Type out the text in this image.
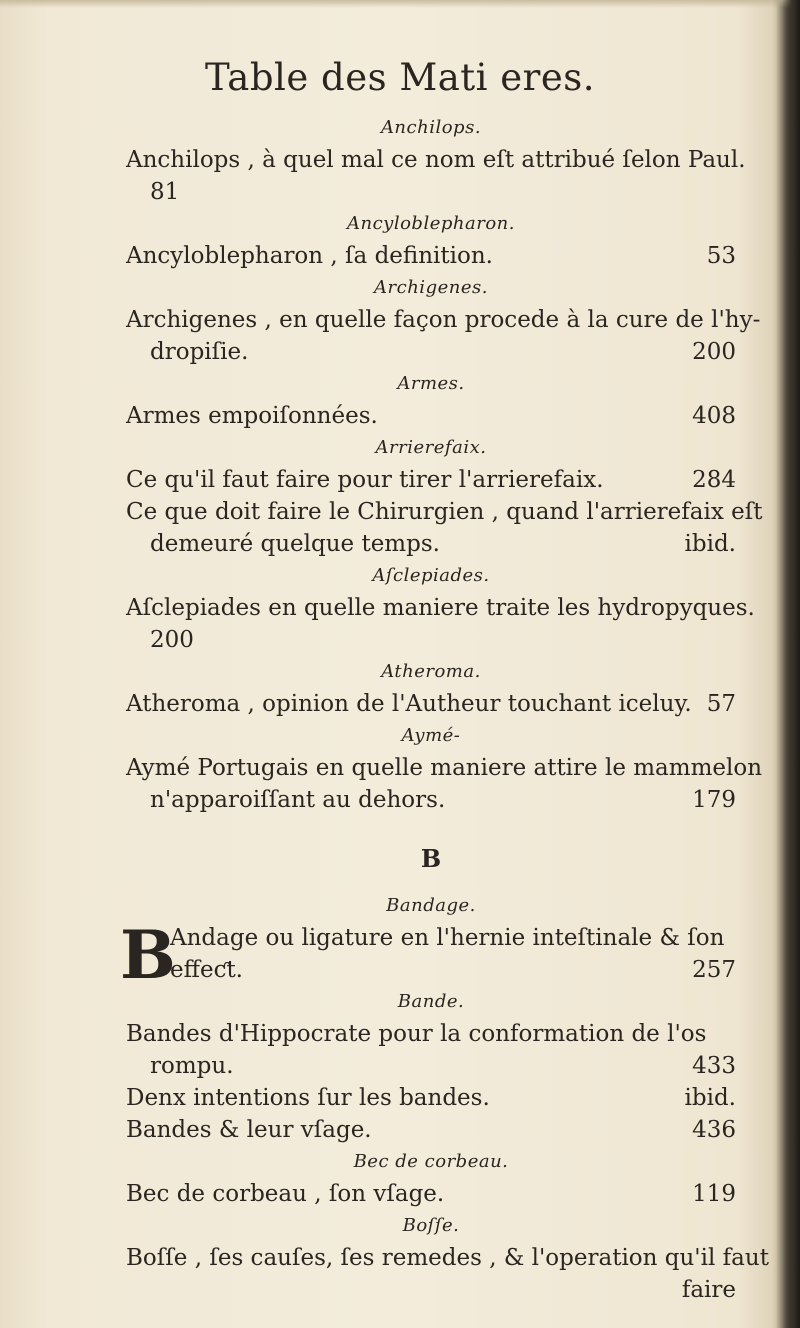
Table des Mati eres.
Anchilops.
Anchilops , à quel mal ce nom eſt attribué ſelon Paul.
81
Ancyloblepharon.
Ancyloblepharon , ſa definition.	53
Archigenes.
Archigenes , en quelle façon procede à la cure de l'hy-
dropiſie.	200
Armes.
Armes empoiſonnées.	408
Arrierefaix.
Ce qu'il faut faire pour tirer l'arrierefaix.	284
Ce que doit faire le Chirurgien , quand l'arrierefaix eſt
demeuré quelque temps.	ibid.
Aſclepiades.
Aſclepiades en quelle maniere traite les hydropyques.
200
Atheroma.
Atheroma , opinion de l'Autheur touchant iceluy. 57
Aymé-
Aymé Portugais en quelle maniere attire le mammelon
n'apparoiſſant au dehors.	179
B
Bandage.
B
Andage ou ligature en l'hernie inteſtinale & ſon
effeƈt.	257
Bande.
Bandes d'Hippocrate pour la conformation de l'os
rompu.	433
Denx intentions ſur les bandes.	ibid.
Bandes & leur vſage.	436
Bec de corbeau.
Bec de corbeau , ſon vſage.	119
Boſſe.
Boſſe , ſes cauſes, ſes remedes , & l'operation qu'il faut
faire
